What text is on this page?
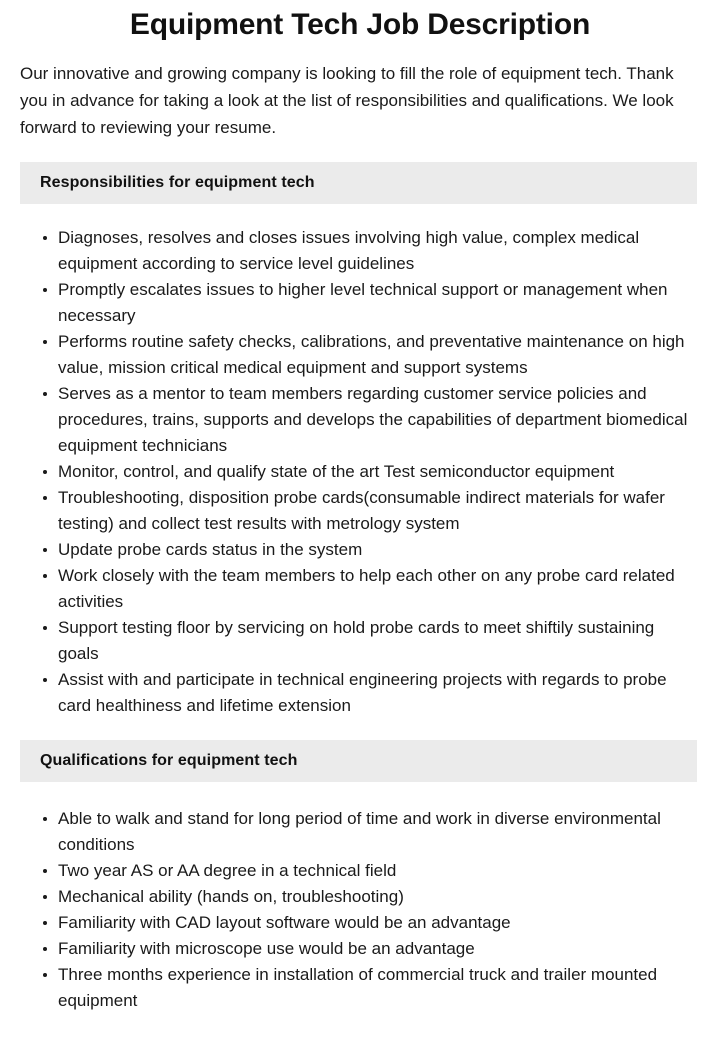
Equipment Tech Job Description

Our innovative and growing company is looking to fill the role of equipment tech. Thank you in advance for taking a look at the list of responsibilities and qualifications. We look forward to reviewing your resume.

Responsibilities for equipment tech
Diagnoses, resolves and closes issues involving high value, complex medical equipment according to service level guidelines
Promptly escalates issues to higher level technical support or management when necessary
Performs routine safety checks, calibrations, and preventative maintenance on high value, mission critical medical equipment and support systems
Serves as a mentor to team members regarding customer service policies and procedures, trains, supports and develops the capabilities of department biomedical equipment technicians
Monitor, control, and qualify state of the art Test semiconductor equipment
Troubleshooting, disposition probe cards(consumable indirect materials for wafer testing) and collect test results with metrology system
Update probe cards status in the system
Work closely with the team members to help each other on any probe card related activities
Support testing floor by servicing on hold probe cards to meet shiftily sustaining goals
Assist with and participate in technical engineering projects with regards to probe card healthiness and lifetime extension
Qualifications for equipment tech
Able to walk and stand for long period of time and work in diverse environmental conditions
Two year AS or AA degree in a technical field
Mechanical ability (hands on, troubleshooting)
Familiarity with CAD layout software would be an advantage
Familiarity with microscope use would be an advantage
Three months experience in installation of commercial truck and trailer mounted equipment
